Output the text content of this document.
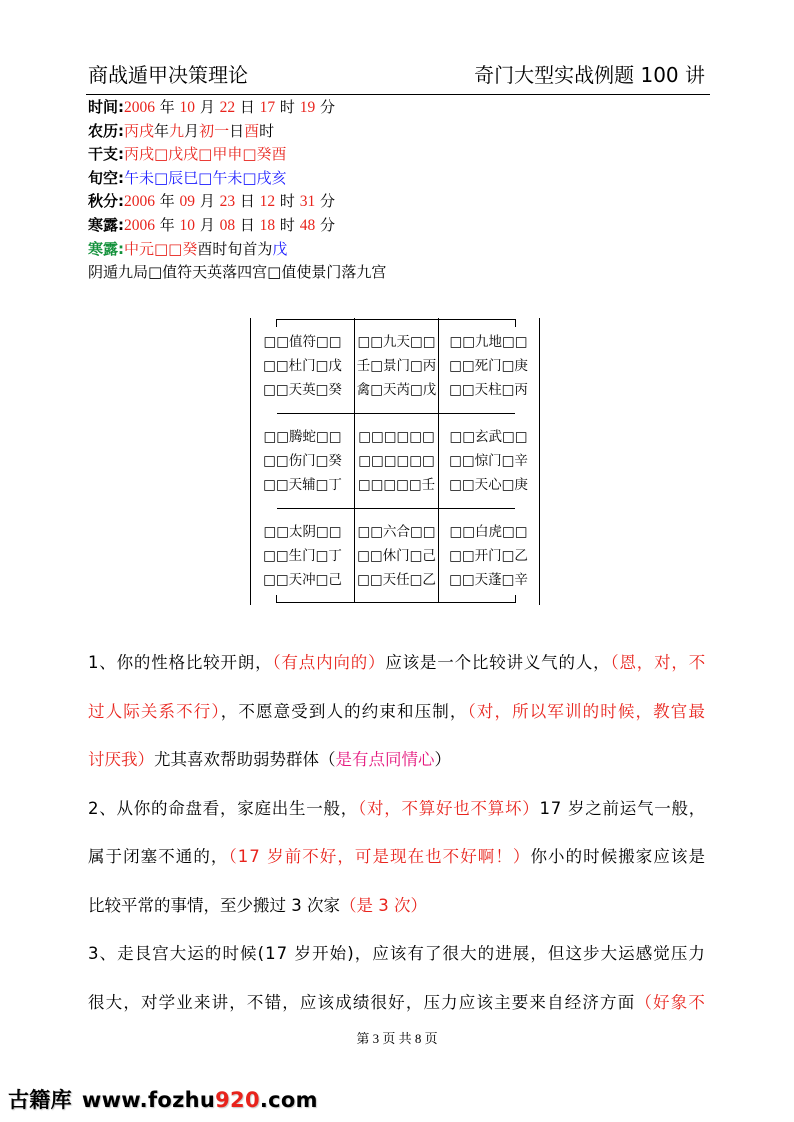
商战遁甲决策理论	奇门大型实战例题 100 讲
时间:2006 年 10 月 22 日 17 时 19 分
农历:丙戌年九月初一日酉时
干支:丙戌□戊戌□甲申□癸酉
旬空:午未□辰巳□午未□戌亥
秋分:2006 年 09 月 23 日 12 时 31 分
寒露:2006 年 10 月 08 日 18 时 48 分
寒露:中元□□癸酉时旬首为戊
阴遁九局□值符天英落四宫□值使景门落九宫
□□值符□□
□□杜门□戊
□□天英□癸
□□九天□□
壬□景门□丙
禽□天芮□戊
□□九地□□
□□死门□庚
□□天柱□丙
□□腾蛇□□
□□伤门□癸
□□天辅□丁
□□□□□□
□□□□□□
□□□□□壬
□□玄武□□
□□惊门□辛
□□天心□庚
□□太阴□□
□□生门□丁
□□天冲□己
□□六合□□
□□休门□己
□□天任□乙
□□白虎□□
□□开门□乙
□□天蓬□辛
1、你的性格比较开朗，（有点内向的）应该是一个比较讲义气的人，（恩，对，不
过人际关系不行），不愿意受到人的约束和压制，（对，所以军训的时候，教官最
讨厌我）尤其喜欢帮助弱势群体（是有点同情心）
2、从你的命盘看，家庭出生一般，（对，不算好也不算坏）17 岁之前运气一般，
属于闭塞不通的，（17 岁前不好，可是现在也不好啊！）你小的时候搬家应该是
比较平常的事情，至少搬过 3 次家（是 3 次）
3、走艮宫大运的时候(17 岁开始)，应该有了很大的进展，但这步大运感觉压力
很大，对学业来讲，不错，应该成绩很好，压力应该主要来自经济方面（好象不
第 3 页 共 8 页
古籍库 www.fozhu920.com
